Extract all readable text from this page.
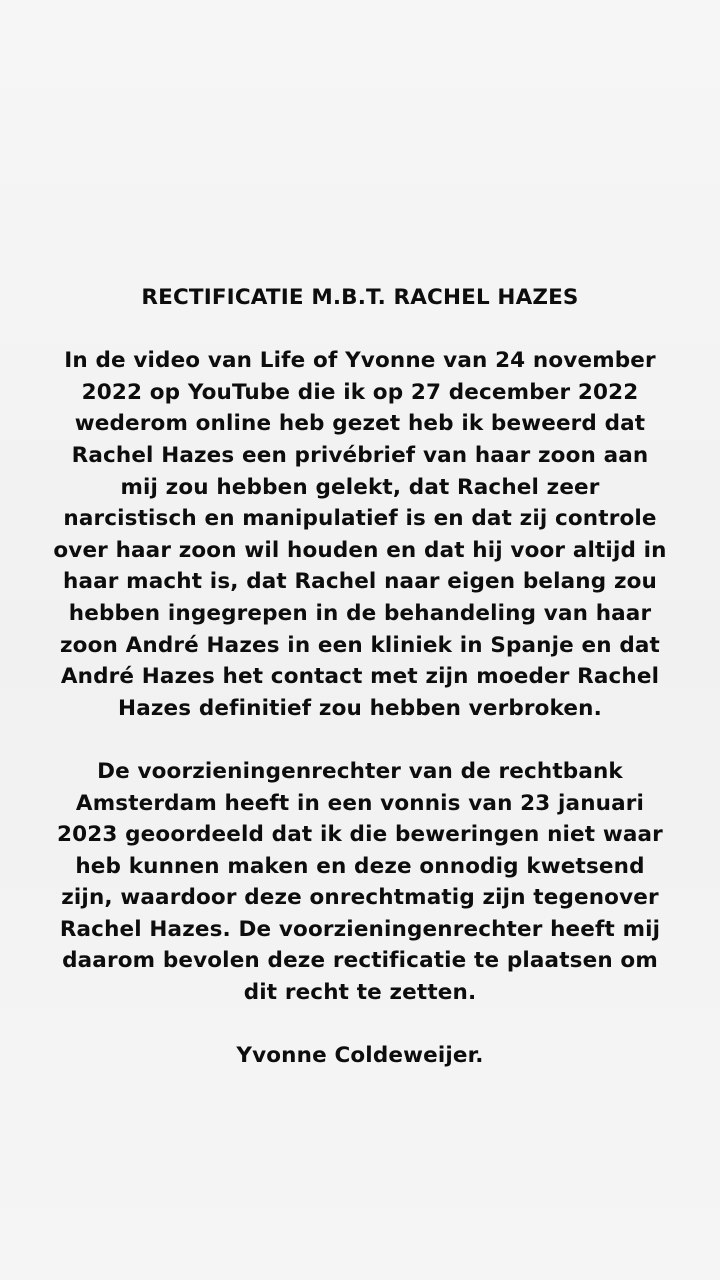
RECTIFICATIE M.B.T. RACHEL HAZES
In de video van Life of Yvonne van 24 november
2022 op YouTube die ik op 27 december 2022
wederom online heb gezet heb ik beweerd dat
Rachel Hazes een privébrief van haar zoon aan
mij zou hebben gelekt, dat Rachel zeer
narcistisch en manipulatief is en dat zij controle
over haar zoon wil houden en dat hij voor altijd in
haar macht is, dat Rachel naar eigen belang zou
hebben ingegrepen in de behandeling van haar
zoon André Hazes in een kliniek in Spanje en dat
André Hazes het contact met zijn moeder Rachel
Hazes definitief zou hebben verbroken.
De voorzieningenrechter van de rechtbank
Amsterdam heeft in een vonnis van 23 januari
2023 geoordeeld dat ik die beweringen niet waar
heb kunnen maken en deze onnodig kwetsend
zijn, waardoor deze onrechtmatig zijn tegenover
Rachel Hazes. De voorzieningenrechter heeft mij
daarom bevolen deze rectificatie te plaatsen om
dit recht te zetten.
Yvonne Coldeweijer.
